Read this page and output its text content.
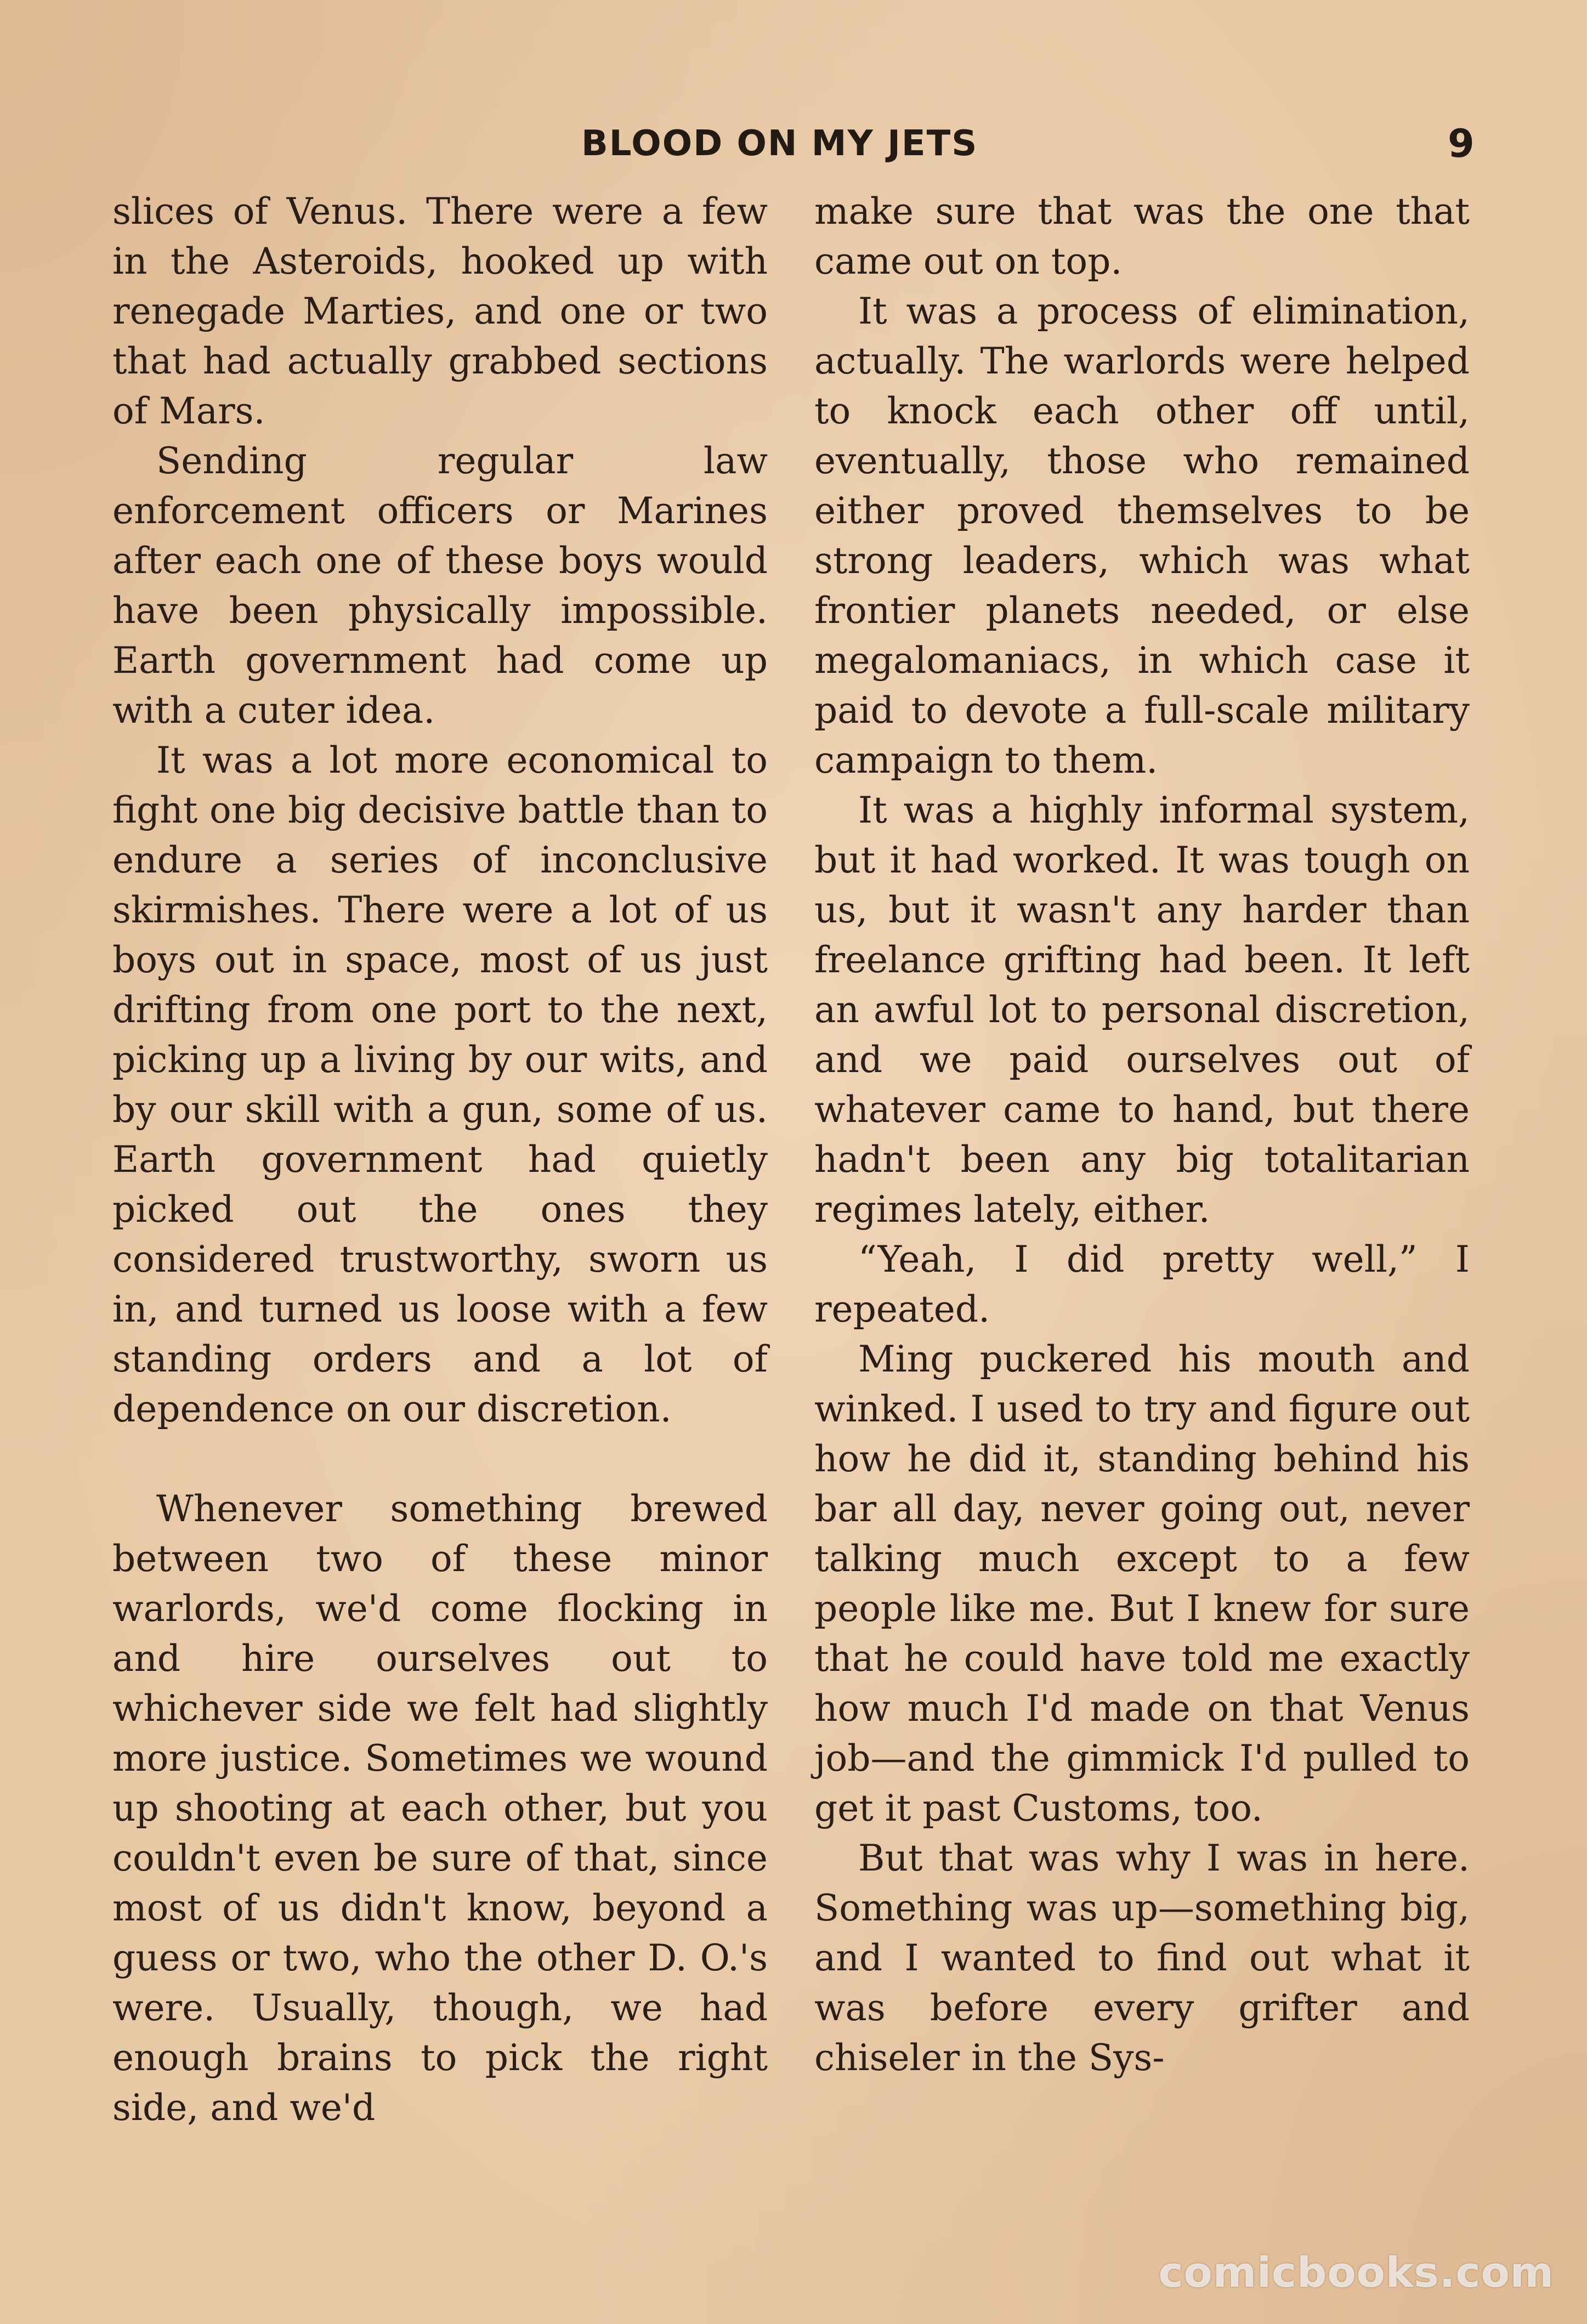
BLOOD ON MY JETS	9

slices of Venus. There were a few in the Asteroids, hooked up with renegade Marties, and one or two that had actually grabbed sections of Mars.

Sending regular law enforcement officers or Marines after each one of these boys would have been physically impossible. Earth government had come up with a cuter idea.

It was a lot more economical to fight one big decisive battle than to endure a series of inconclusive skirmishes. There were a lot of us boys out in space, most of us just drifting from one port to the next, picking up a living by our wits, and by our skill with a gun, some of us. Earth government had quietly picked out the ones they considered trustworthy, sworn us in, and turned us loose with a few standing orders and a lot of dependence on our discretion.

Whenever something brewed between two of these minor warlords, we'd come flocking in and hire ourselves out to whichever side we felt had slightly more justice. Sometimes we wound up shooting at each other, but you couldn't even be sure of that, since most of us didn't know, beyond a guess or two, who the other D. O.'s were. Usually, though, we had enough brains to pick the right side, and we'd

make sure that was the one that came out on top.

It was a process of elimination, actually. The warlords were helped to knock each other off until, eventually, those who remained either proved themselves to be strong leaders, which was what frontier planets needed, or else megalomaniacs, in which case it paid to devote a full-scale military campaign to them.

It was a highly informal system, but it had worked. It was tough on us, but it wasn't any harder than freelance grifting had been. It left an awful lot to personal discretion, and we paid ourselves out of whatever came to hand, but there hadn't been any big totalitarian regimes lately, either.

“Yeah, I did pretty well,” I repeated.

Ming puckered his mouth and winked. I used to try and figure out how he did it, standing behind his bar all day, never going out, never talking much except to a few people like me. But I knew for sure that he could have told me exactly how much I'd made on that Venus job—and the gimmick I'd pulled to get it past Customs, too.

But that was why I was in here. Something was up—something big, and I wanted to find out what it was before every grifter and chiseler in the Sys-

comicbooks.com
